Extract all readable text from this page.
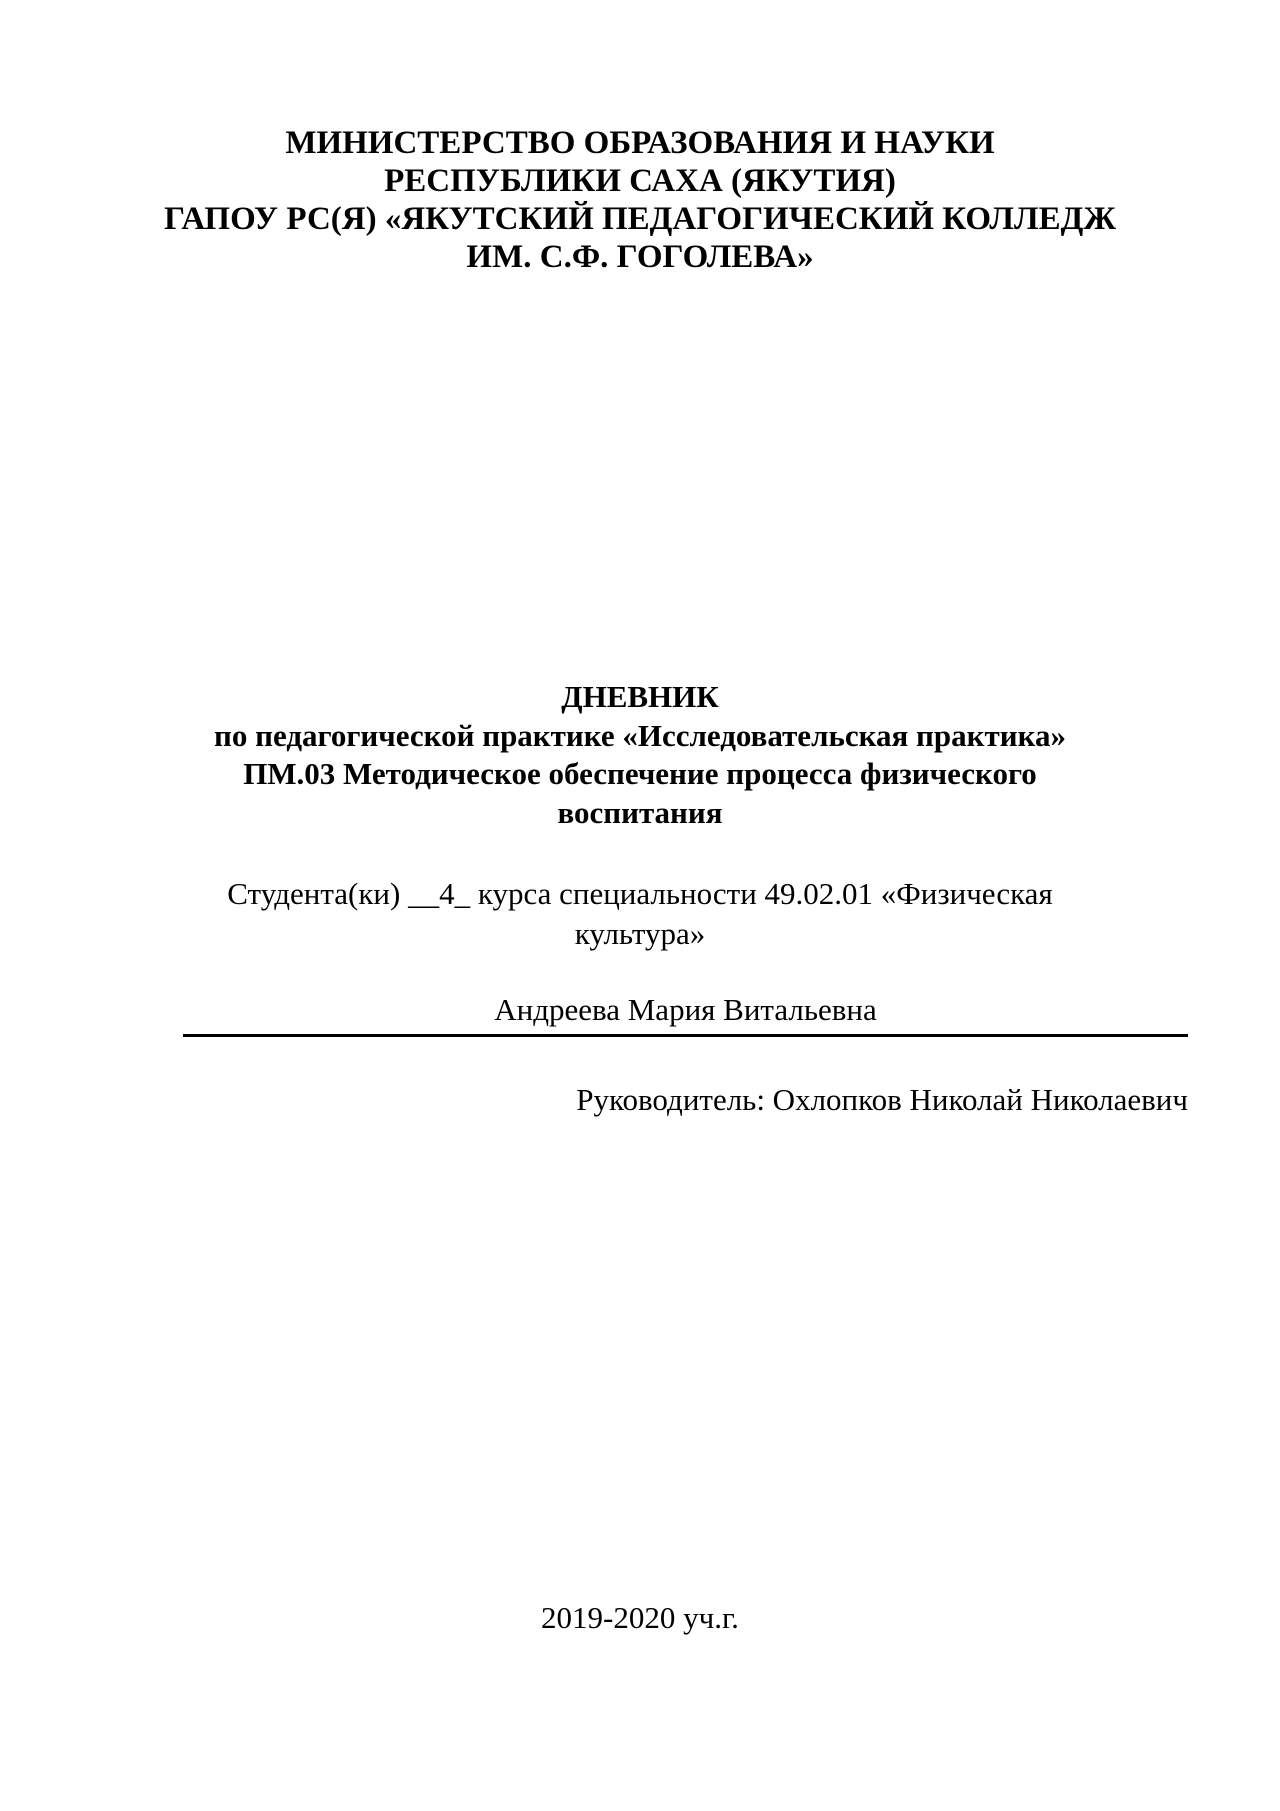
МИНИСТЕРСТВО ОБРАЗОВАНИЯ И НАУКИ
РЕСПУБЛИКИ САХА (ЯКУТИЯ)
ГАПОУ РС(Я) «ЯКУТСКИЙ ПЕДАГОГИЧЕСКИЙ КОЛЛЕДЖ
ИМ. С.Ф. ГОГОЛЕВА»
ДНЕВНИК
по педагогической практике «Исследовательская практика»
ПМ.03 Методическое обеспечение процесса физического
воспитания
Студента(ки) __4_ курса специальности 49.02.01 «Физическая
культура»
Андреева Мария Витальевна
Руководитель: Охлопков Николай Николаевич
2019-2020 уч.г.
